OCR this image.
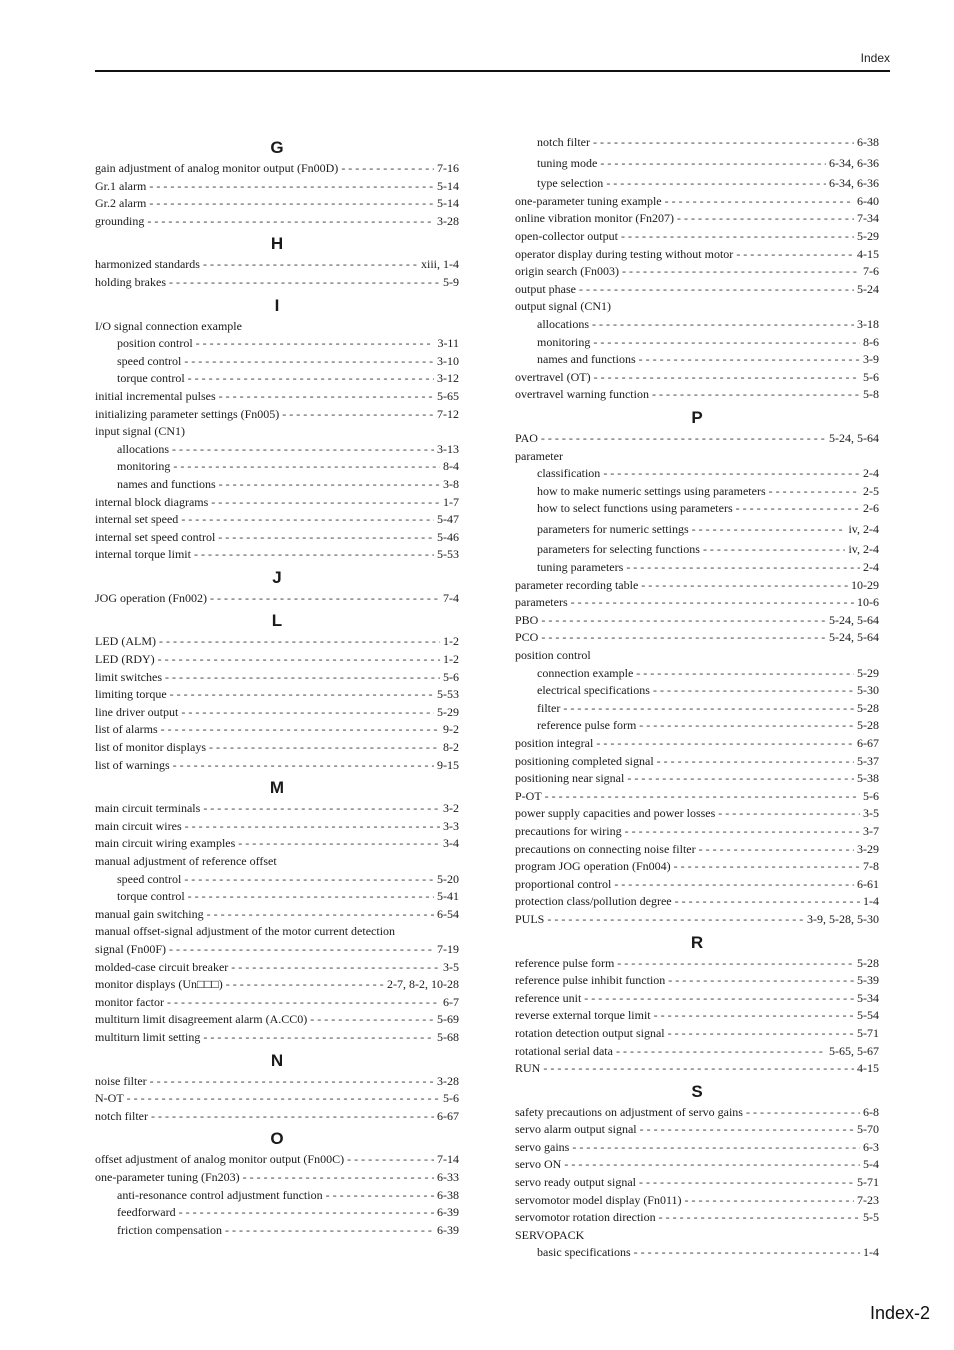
Index
G
gain adjustment of analog monitor output (Fn00D) - - -	7-16
Gr.1 alarm - - -	5-14
Gr.2 alarm - - -	5-14
grounding - - -	3-28
H
harmonized standards - - -	xiii, 1-4
holding brakes - - -	5-9
I
I/O signal connection example
position control - - -	3-11
speed control - - -	3-10
torque control - - -	3-12
initial incremental pulses - - -	5-65
initializing parameter settings (Fn005) - - -	7-12
input signal (CN1)
allocations - - -	3-13
monitoring - - -	8-4
names and functions - - -	3-8
internal block diagrams - - -	1-7
internal set speed - - -	5-47
internal set speed control - - -	5-46
internal torque limit - - -	5-53
J
JOG operation (Fn002) - - -	7-4
L
LED (ALM) - - -	1-2
LED (RDY) - - -	1-2
limit switches - - -	5-6
limiting torque - - -	5-53
line driver output - - -	5-29
list of alarms - - -	9-2
list of monitor displays - - -	8-2
list of warnings - - -	9-15
M
main circuit terminals - - -	3-2
main circuit wires - - -	3-3
main circuit wiring examples - - -	3-4
manual adjustment of reference offset
speed control - - -	5-20
torque control - - -	5-41
manual gain switching - - -	6-54
manual offset-signal adjustment of the motor current detection
signal (Fn00F) - - -	7-19
molded-case circuit breaker - - -	3-5
monitor displays (Un□□□) - - -	2-7, 8-2, 10-28
monitor factor - - -	6-7
multiturn limit disagreement alarm (A.CC0) - - -	5-69
multiturn limit setting - - -	5-68
N
noise filter - - -	3-28
N-OT - - -	5-6
notch filter - - -	6-67
O
offset adjustment of analog monitor output (Fn00C) - - -	7-14
one-parameter tuning (Fn203) - - -	6-33
anti-resonance control adjustment function - - -	6-38
feedforward - - -	6-39
friction compensation - - -	6-39
notch filter - - -	6-38
tuning mode - - -	6-34, 6-36
type selection - - -	6-34, 6-36
one-parameter tuning example - - -	6-40
online vibration monitor (Fn207) - - -	7-34
open-collector output - - -	5-29
operator display during testing without motor - - -	4-15
origin search (Fn003) - - -	7-6
output phase - - -	5-24
output signal (CN1)
allocations - - -	3-18
monitoring - - -	8-6
names and functions - - -	3-9
overtravel (OT) - - -	5-6
overtravel warning function - - -	5-8
P
PAO - - -	5-24, 5-64
parameter
classification - - -	2-4
how to make numeric settings using parameters - - -	2-5
how to select functions using parameters - - -	2-6
parameters for numeric settings - - -	iv, 2-4
parameters for selecting functions - - -	iv, 2-4
tuning parameters - - -	2-4
parameter recording table - - -	10-29
parameters - - -	10-6
PBO - - -	5-24, 5-64
PCO - - -	5-24, 5-64
position control
connection example - - -	5-29
electrical specifications - - -	5-30
filter - - -	5-28
reference pulse form - - -	5-28
position integral - - -	6-67
positioning completed signal - - -	5-37
positioning near signal - - -	5-38
P-OT - - -	5-6
power supply capacities and power losses - - -	3-5
precautions for wiring - - -	3-7
precautions on connecting noise filter - - -	3-29
program JOG operation (Fn004) - - -	7-8
proportional control - - -	6-61
protection class/pollution degree - - -	1-4
PULS - - -	3-9, 5-28, 5-30
R
reference pulse form - - -	5-28
reference pulse inhibit function - - -	5-39
reference unit - - -	5-34
reverse external torque limit - - -	5-54
rotation detection output signal - - -	5-71
rotational serial data - - -	5-65, 5-67
RUN - - -	4-15
S
safety precautions on adjustment of servo gains - - -	6-8
servo alarm output signal - - -	5-70
servo gains - - -	6-3
servo ON - - -	5-4
servo ready output signal - - -	5-71
servomotor model display (Fn011) - - -	7-23
servomotor rotation direction - - -	5-5
SERVOPACK
basic specifications - - -	1-4
Index-2
